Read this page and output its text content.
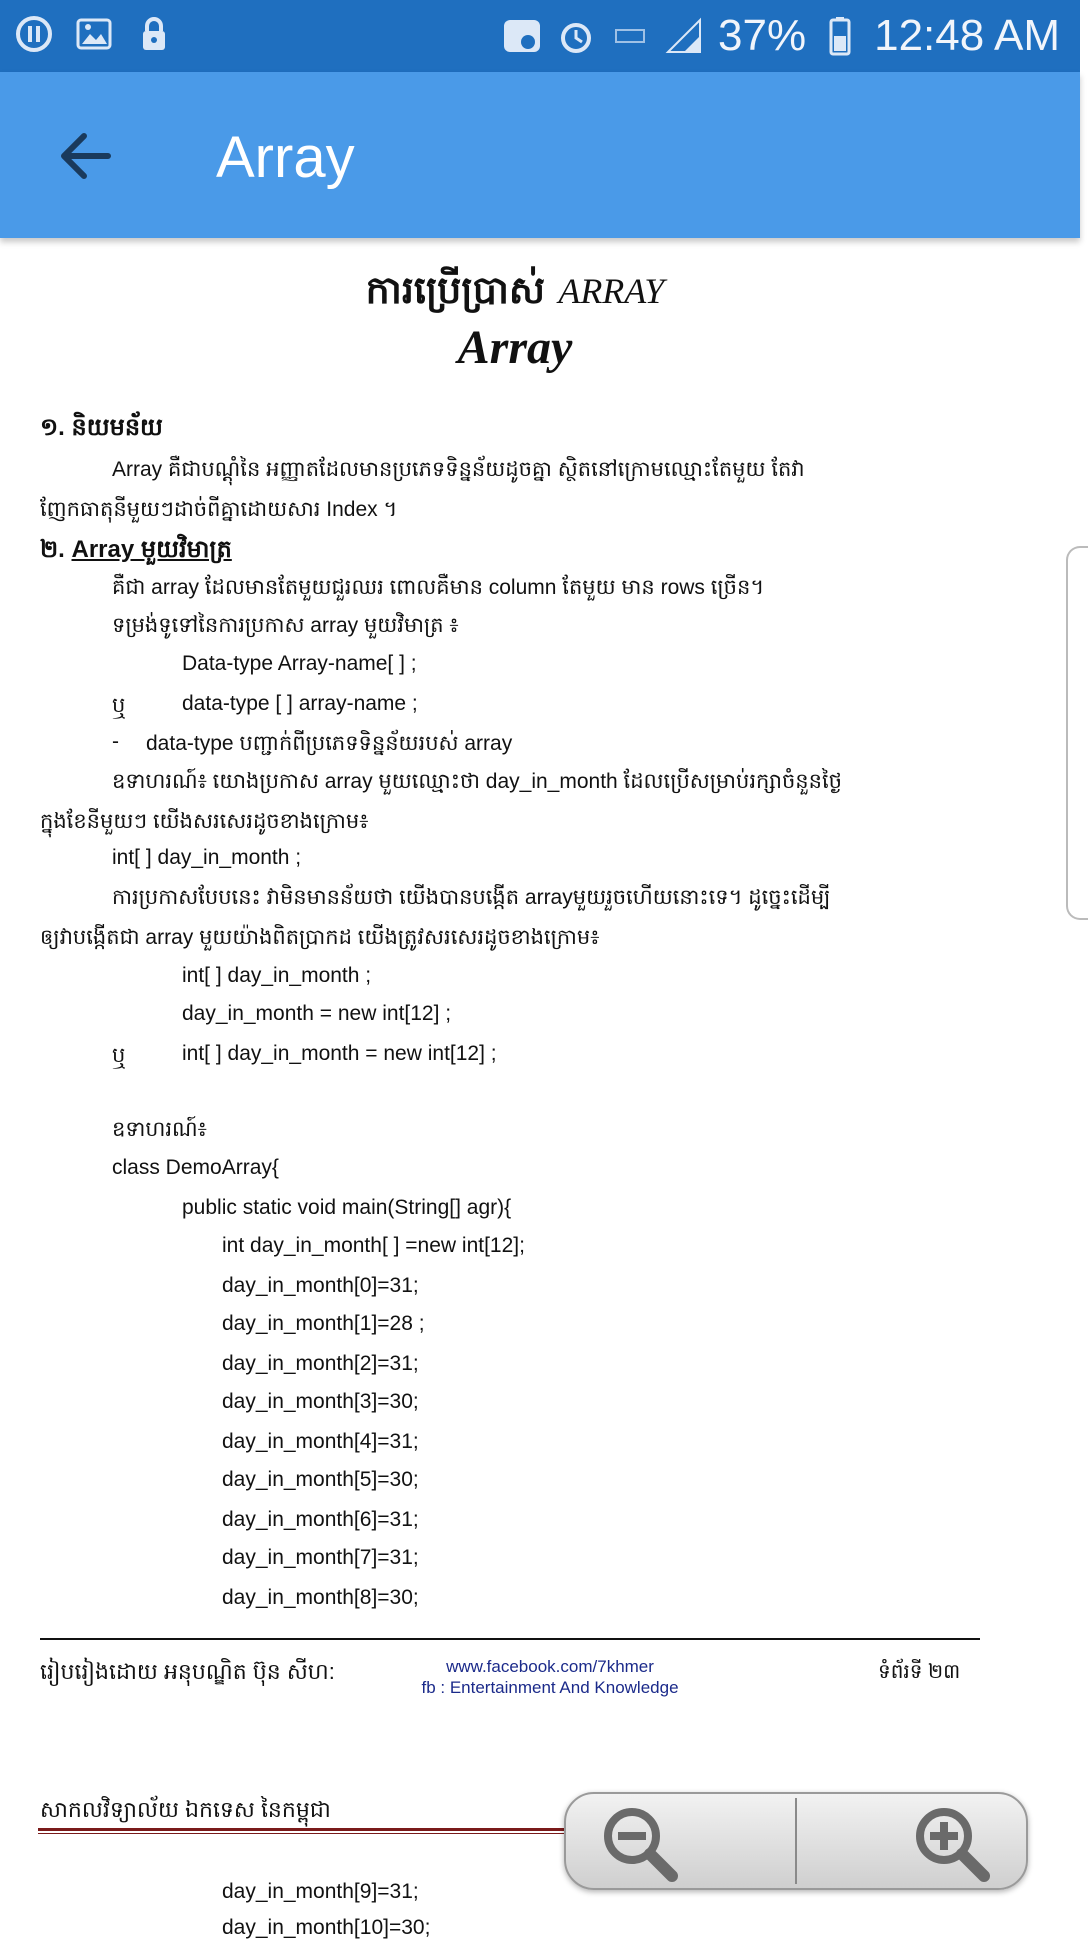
37% 12:48 AM
Array
ការប្រើប្រាស់ ARRAY
Array
១. និយមន័យ
Array គឺជាបណ្តុំនៃ អញ្ញាតដែលមានប្រភេទទិន្នន័យដូចគ្នា ស្ថិតនៅក្រោមឈ្មោះតែមួយ តែវា
ញែកធាតុនីមួយៗដាច់ពីគ្នាដោយសារ Index ។
២. Array មួយវិមាត្រ
គឺជា array ដែលមានតែមួយជួរឈរ ពោលគឺមាន column តែមួយ មាន rows ច្រើន។
ទម្រង់ទូទៅនៃការប្រកាស array មួយវិមាត្រ ៖
Data-type Array-name[ ] ;
ឬ	data-type [ ] array-name ;
- data-type បញ្ជាក់ពីប្រភេទទិន្នន័យរបស់ array
ឧទាហរណ៍៖ យោងប្រកាស array មួយឈ្មោះថា day_in_month ដែលប្រើសម្រាប់រក្សាចំនួនថ្ងៃ
ក្នុងខែនីមួយៗ យើងសរសេរដូចខាងក្រោម៖
int[ ] day_in_month ;
ការប្រកាសបែបនេះ វាមិនមានន័យថា យើងបានបង្កើត arrayមួយរួចហើយនោះទេ។ ដូច្នេះដើម្បី
ឲ្យវាបង្កើតជា array មួយយ៉ាងពិតប្រាកដ យើងត្រូវសរសេរដូចខាងក្រោម៖
int[ ] day_in_month ;
day_in_month = new int[12] ;
ឬ	int[ ] day_in_month = new int[12] ;
ឧទាហរណ៍៖
class DemoArray{
public static void main(String[] agr){
int day_in_month[ ] =new int[12];
day_in_month[0]=31;
day_in_month[1]=28 ;
day_in_month[2]=31;
day_in_month[3]=30;
day_in_month[4]=31;
day_in_month[5]=30;
day_in_month[6]=31;
day_in_month[7]=31;
day_in_month[8]=30;
រៀបរៀងដោយ អនុបណ្ឌិត ប៊ុន សីហ:	www.facebook.com/7khmer
fb : Entertainment And Knowledge
ទំព័រទី ២៣
សាកលវិទ្យាល័យ ឯកទេស នៃកម្ពុជា
day_in_month[9]=31;
day_in_month[10]=30;
